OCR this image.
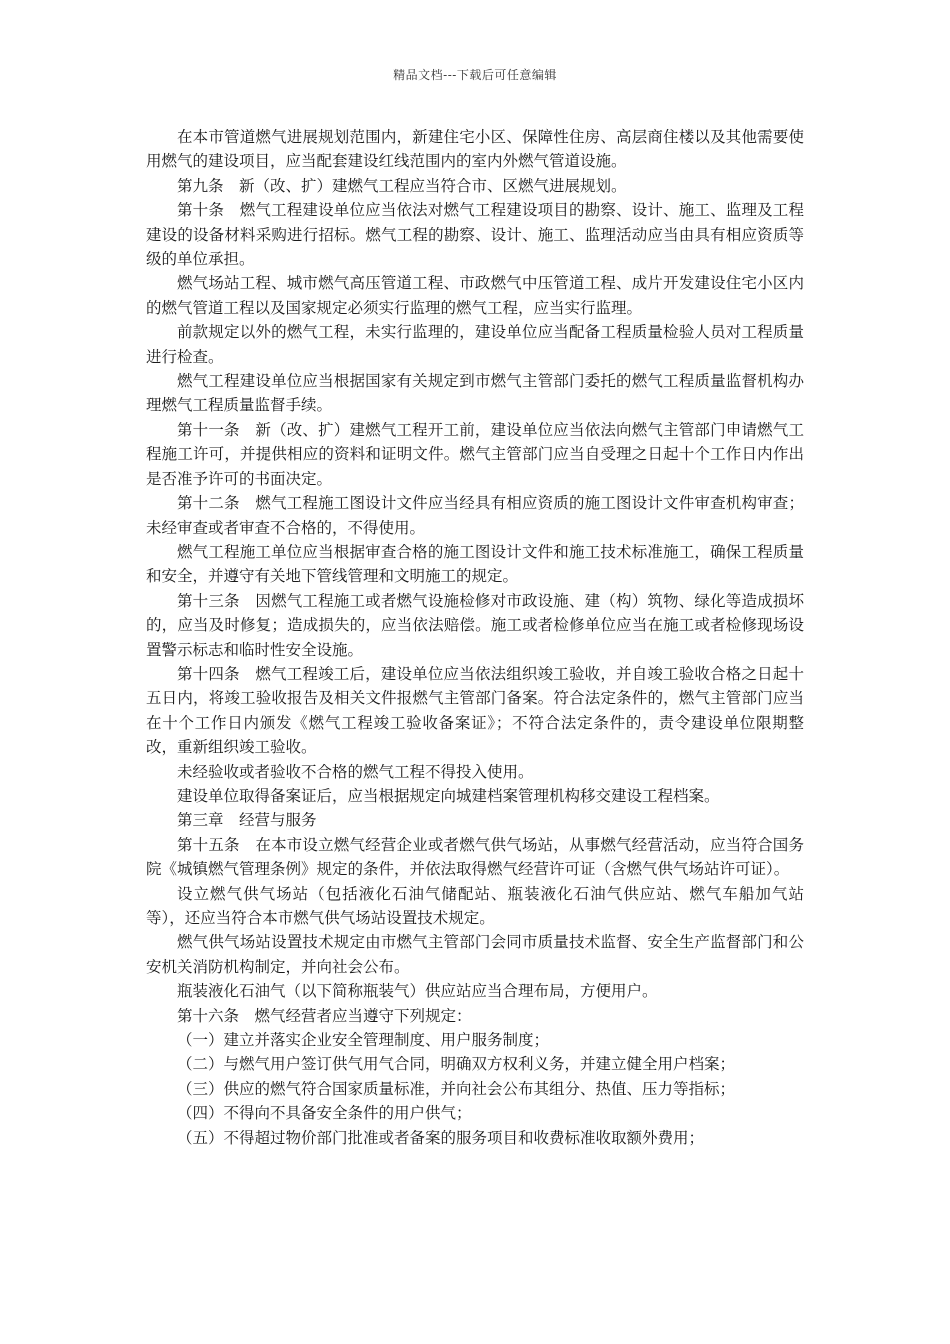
精品文档---下载后可任意编辑

在本市管道燃气进展规划范围内，新建住宅小区、保障性住房、高层商住楼以及其他需要使用燃气的建设项目，应当配套建设红线范围内的室内外燃气管道设施。

第九条　新（改、扩）建燃气工程应当符合市、区燃气进展规划。

第十条　燃气工程建设单位应当依法对燃气工程建设项目的勘察、设计、施工、监理及工程建设的设备材料采购进行招标。燃气工程的勘察、设计、施工、监理活动应当由具有相应资质等级的单位承担。

燃气场站工程、城市燃气高压管道工程、市政燃气中压管道工程、成片开发建设住宅小区内的燃气管道工程以及国家规定必须实行监理的燃气工程，应当实行监理。

前款规定以外的燃气工程，未实行监理的，建设单位应当配备工程质量检验人员对工程质量进行检查。

燃气工程建设单位应当根据国家有关规定到市燃气主管部门委托的燃气工程质量监督机构办理燃气工程质量监督手续。

第十一条　新（改、扩）建燃气工程开工前，建设单位应当依法向燃气主管部门申请燃气工程施工许可，并提供相应的资料和证明文件。燃气主管部门应当自受理之日起十个工作日内作出是否准予许可的书面决定。

第十二条　燃气工程施工图设计文件应当经具有相应资质的施工图设计文件审查机构审查；未经审查或者审查不合格的，不得使用。

燃气工程施工单位应当根据审查合格的施工图设计文件和施工技术标准施工，确保工程质量和安全，并遵守有关地下管线管理和文明施工的规定。

第十三条　因燃气工程施工或者燃气设施检修对市政设施、建（构）筑物、绿化等造成损坏的，应当及时修复；造成损失的，应当依法赔偿。施工或者检修单位应当在施工或者检修现场设置警示标志和临时性安全设施。

第十四条　燃气工程竣工后，建设单位应当依法组织竣工验收，并自竣工验收合格之日起十五日内，将竣工验收报告及相关文件报燃气主管部门备案。符合法定条件的，燃气主管部门应当在十个工作日内颁发《燃气工程竣工验收备案证》；不符合法定条件的，责令建设单位限期整改，重新组织竣工验收。

未经验收或者验收不合格的燃气工程不得投入使用。

建设单位取得备案证后，应当根据规定向城建档案管理机构移交建设工程档案。

第三章　经营与服务

第十五条　在本市设立燃气经营企业或者燃气供气场站，从事燃气经营活动，应当符合国务院《城镇燃气管理条例》规定的条件，并依法取得燃气经营许可证（含燃气供气场站许可证）。

设立燃气供气场站（包括液化石油气储配站、瓶装液化石油气供应站、燃气车船加气站等），还应当符合本市燃气供气场站设置技术规定。

燃气供气场站设置技术规定由市燃气主管部门会同市质量技术监督、安全生产监督部门和公安机关消防机构制定，并向社会公布。

瓶装液化石油气（以下简称瓶装气）供应站应当合理布局，方便用户。

第十六条　燃气经营者应当遵守下列规定：

（一）建立并落实企业安全管理制度、用户服务制度；

（二）与燃气用户签订供气用气合同，明确双方权利义务，并建立健全用户档案；

（三）供应的燃气符合国家质量标准，并向社会公布其组分、热值、压力等指标；

（四）不得向不具备安全条件的用户供气；

（五）不得超过物价部门批准或者备案的服务项目和收费标准收取额外费用；
